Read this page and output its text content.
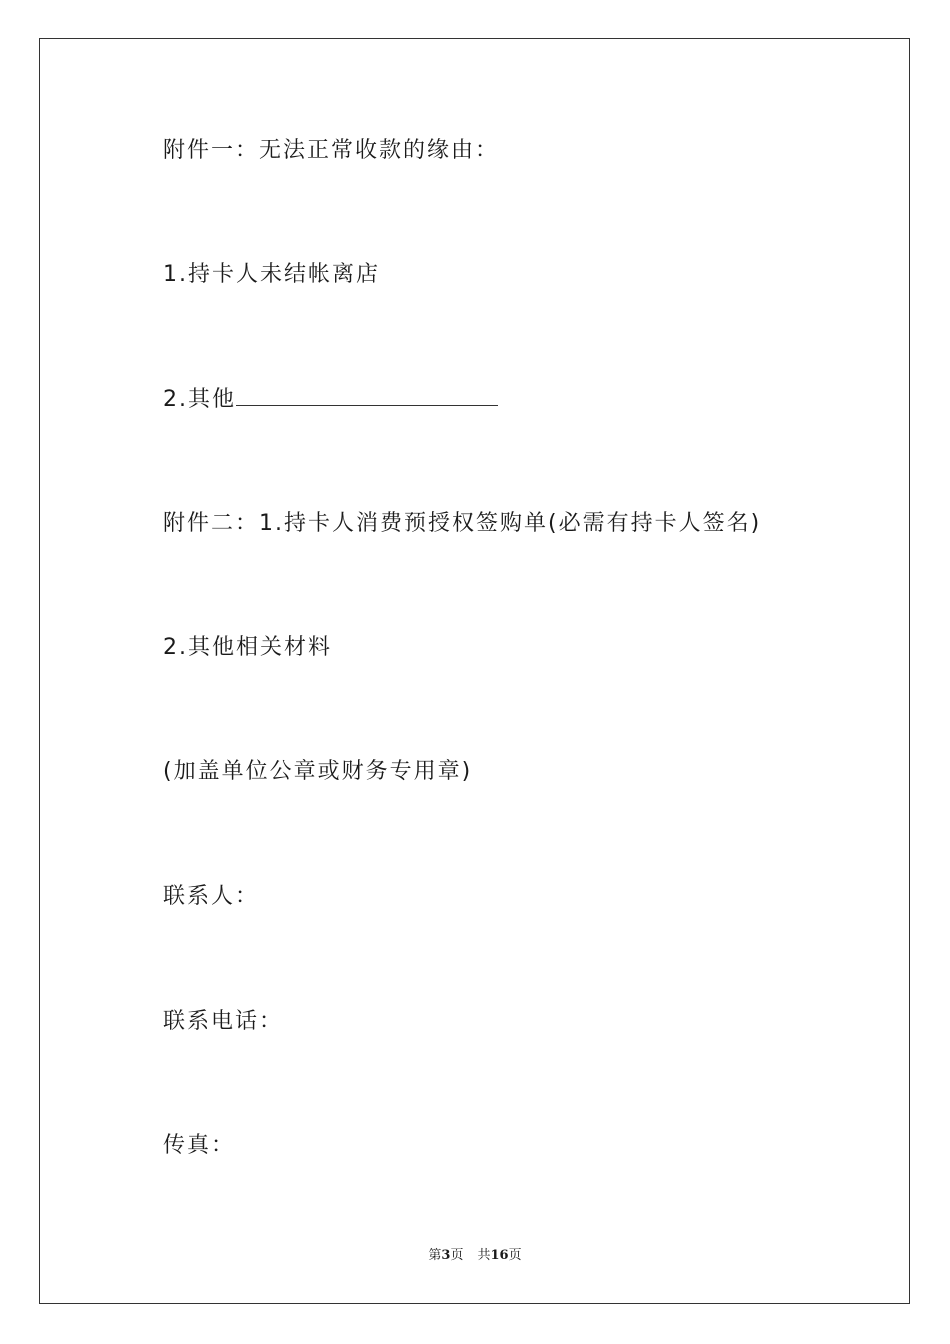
附件一：无法正常收款的缘由：
1.持卡人未结帐离店
2.其他
附件二：1.持卡人消费预授权签购单(必需有持卡人签名)
2.其他相关材料
(加盖单位公章或财务专用章)
联系人：
联系电话：
传真：
第3页 共16页
